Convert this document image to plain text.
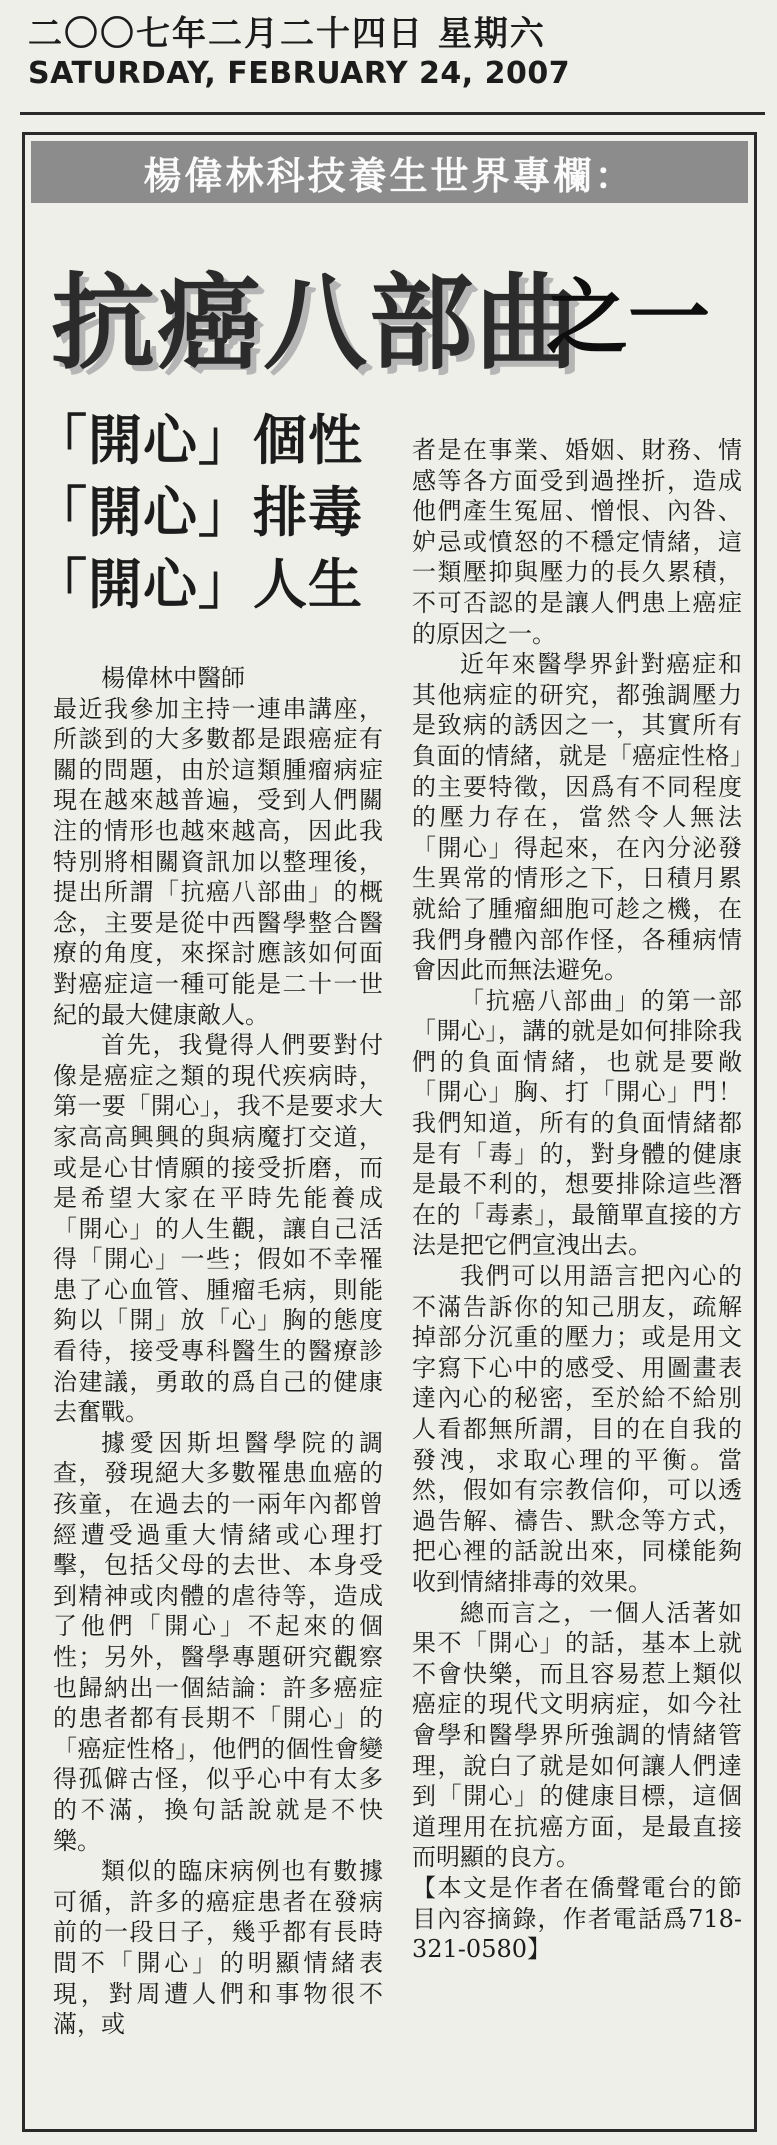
二〇〇七年二月二十四日 星期六
SATURDAY, FEBRUARY 24, 2007
楊偉林科技養生世界專欄：
抗癌八部曲
之一
「開心」個性
「開心」排毒
「開心」人生

楊偉林中醫師

最近我參加主持一連串講座，所談到的大多數都是跟癌症有關的問題，由於這類腫瘤病症現在越來越普遍，受到人們關注的情形也越來越高，因此我特別將相關資訊加以整理後，提出所謂「抗癌八部曲」的概念，主要是從中西醫學整合醫療的角度，來探討應該如何面對癌症這一種可能是二十一世紀的最大健康敵人。

首先，我覺得人們要對付像是癌症之類的現代疾病時，第一要「開心」，我不是要求大家高高興興的與病魔打交道，或是心甘情願的接受折磨，而是希望大家在平時先能養成「開心」的人生觀，讓自己活得「開心」一些；假如不幸罹患了心血管、腫瘤毛病，則能夠以「開」放「心」胸的態度看待，接受專科醫生的醫療診治建議，勇敢的爲自己的健康去奮戰。

據愛因斯坦醫學院的調查，發現絕大多數罹患血癌的孩童，在過去的一兩年內都曾經遭受過重大情緒或心理打擊，包括父母的去世、本身受到精神或肉體的虐待等，造成了他們「開心」不起來的個性；另外，醫學專題研究觀察也歸納出一個結論：許多癌症的患者都有長期不「開心」的「癌症性格」，他們的個性會變得孤僻古怪，似乎心中有太多的不滿，換句話說就是不快樂。

類似的臨床病例也有數據可循，許多的癌症患者在發病前的一段日子，幾乎都有長時間不「開心」的明顯情緒表現，對周遭人們和事物很不滿，或

者是在事業、婚姻、財務、情感等各方面受到過挫折，造成他們產生冤屈、憎恨、內咎、妒忌或憤怒的不穩定情緒，這一類壓抑與壓力的長久累積，不可否認的是讓人們患上癌症的原因之一。

近年來醫學界針對癌症和其他病症的研究，都強調壓力是致病的誘因之一，其實所有負面的情緒，就是「癌症性格」的主要特徵，因爲有不同程度的壓力存在，當然令人無法「開心」得起來，在內分泌發生異常的情形之下，日積月累就給了腫瘤細胞可趁之機，在我們身體內部作怪，各種病情會因此而無法避免。

「抗癌八部曲」的第一部「開心」，講的就是如何排除我們的負面情緒，也就是要敞「開心」胸、打「開心」門！我們知道，所有的負面情緒都是有「毒」的，對身體的健康是最不利的，想要排除這些潛在的「毒素」，最簡單直接的方法是把它們宣洩出去。

我們可以用語言把內心的不滿告訴你的知己朋友，疏解掉部分沉重的壓力；或是用文字寫下心中的感受、用圖畫表達內心的秘密，至於給不給別人看都無所謂，目的在自我的發洩，求取心理的平衡。當然，假如有宗教信仰，可以透過告解、禱告、默念等方式，把心裡的話說出來，同樣能夠收到情緒排毒的效果。

總而言之，一個人活著如果不「開心」的話，基本上就不會快樂，而且容易惹上類似癌症的現代文明病症，如今社會學和醫學界所強調的情緒管理，說白了就是如何讓人們達到「開心」的健康目標，這個道理用在抗癌方面，是最直接而明顯的良方。

【本文是作者在僑聲電台的節目內容摘錄，作者電話爲718-321-0580】
